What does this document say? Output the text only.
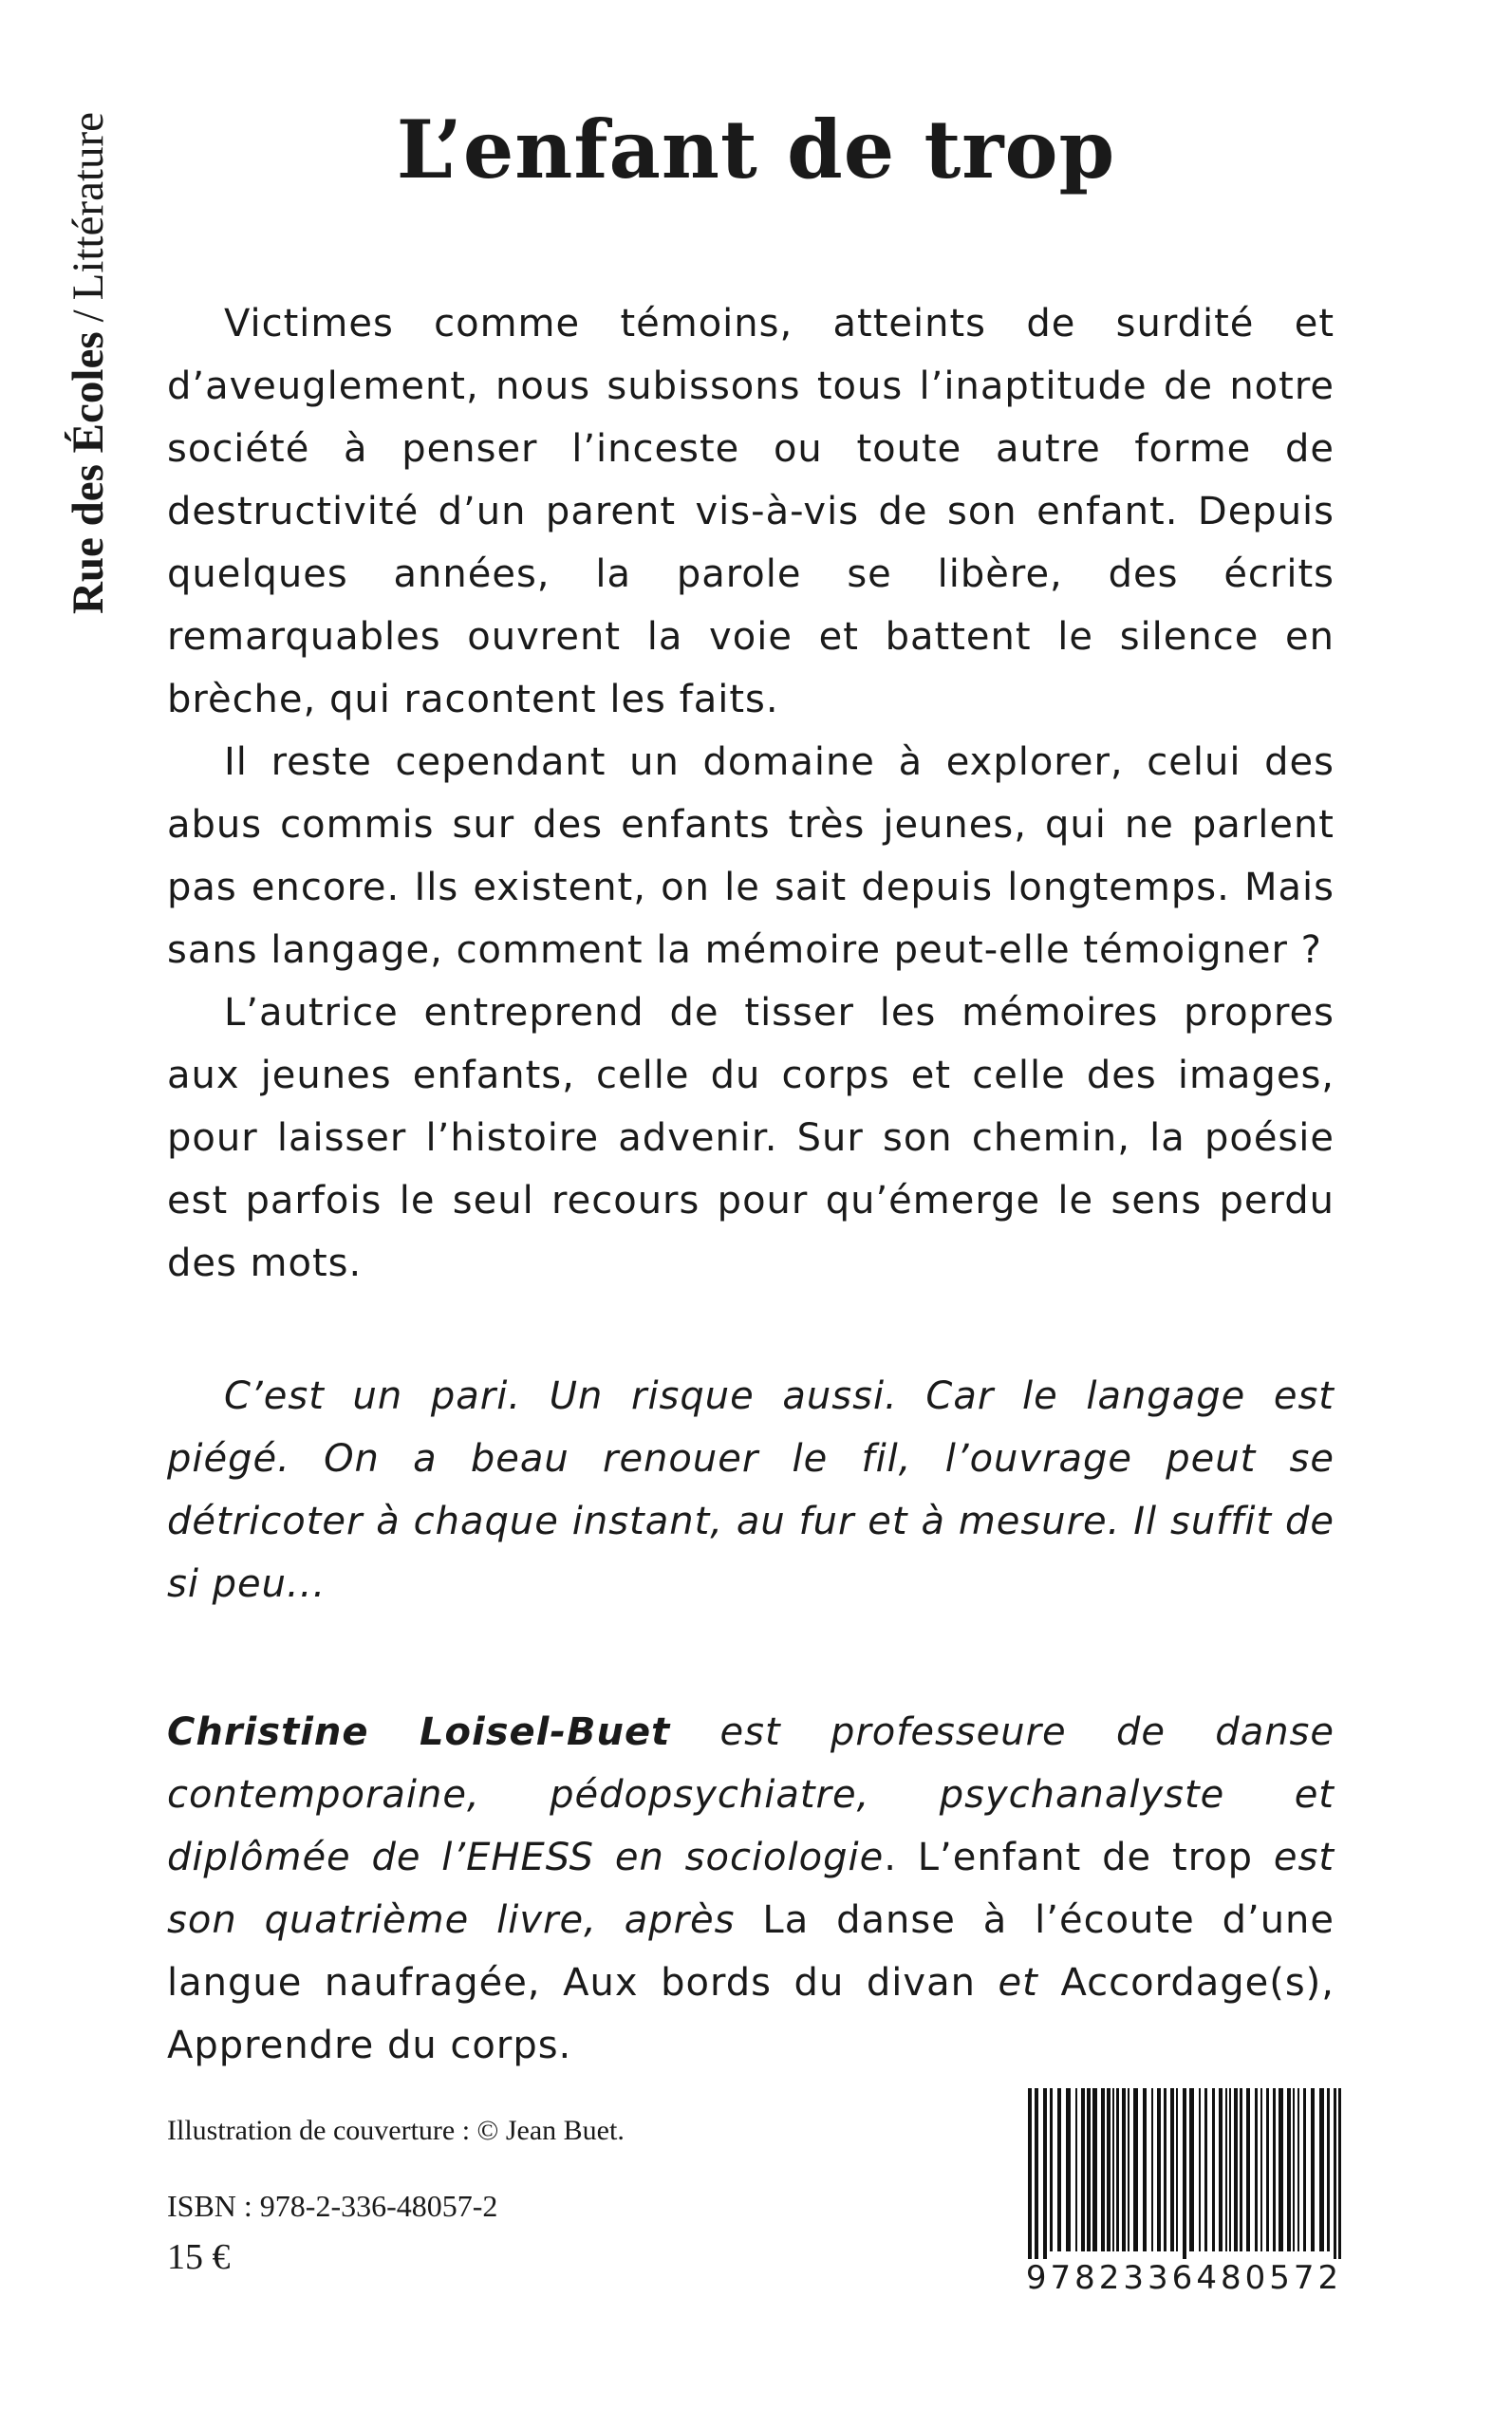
Rue des Écoles
/
Littérature	L’enfant de trop

Victimes comme témoins, atteints de surdité et d’aveuglement, nous subissons tous l’inaptitude de notre société à penser l’inceste ou toute autre forme de destructivité d’un parent vis-à-vis de son enfant. Depuis quelques années, la parole se libère, des écrits remarquables ouvrent la voie et battent le silence en brèche, qui racontent les faits.

Il reste cependant un domaine à explorer, celui des abus commis sur des enfants très jeunes, qui ne parlent pas encore. Ils existent, on le sait depuis longtemps. Mais sans langage, comment la mémoire peut-elle témoigner ?

L’autrice entreprend de tisser les mémoires propres aux jeunes enfants, celle du corps et celle des images, pour laisser l’histoire advenir. Sur son chemin, la poésie est parfois le seul recours pour qu’émerge le sens perdu des mots.

C’est un pari. Un risque aussi. Car le langage est piégé. On a beau renouer le fil, l’ouvrage peut se détricoter à chaque instant, au fur et à mesure. Il suffit de si peu...

Christine Loisel-Buet est professeure de danse contemporaine, pédopsychiatre, psychanalyste et diplômée de l’EHESS en sociologie. L’enfant de trop est son quatrième livre, après La danse à l’écoute d’une langue naufragée, Aux bords du divan et Accordage(s), Apprendre du corps.

Illustration de couverture : © Jean Buet.
ISBN : 978-2-336-48057-2
15 €
9782336480572
